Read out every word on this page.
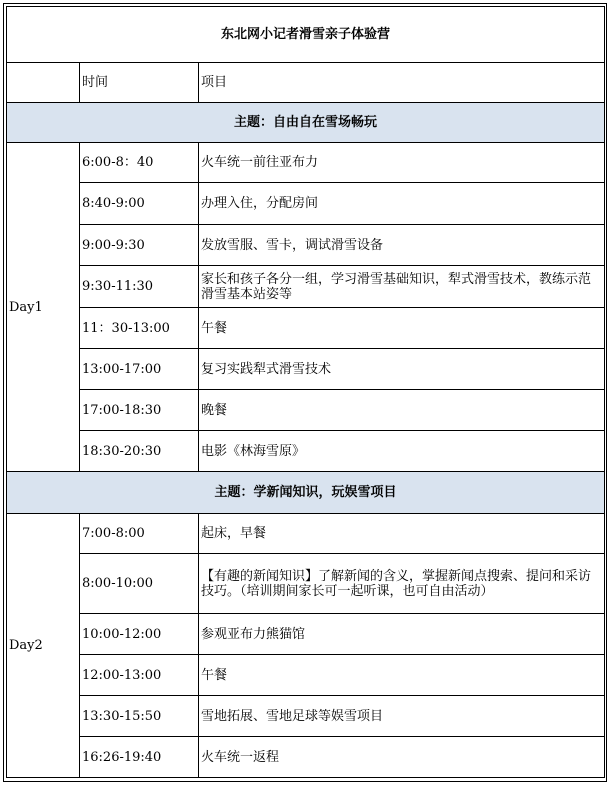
东北网小记者滑雪亲子体验营		
	时间	项目
主题：自由自在雪场畅玩		
Day1	6:00-8：40	火车统一前往亚布力
	8:40-9:00	办理入住，分配房间
	9:00-9:30	发放雪服、雪卡，调试滑雪设备
	9:30-11:30	家长和孩子各分一组，学习滑雪基础知识，犁式滑雪技术，教练示范滑雪基本站姿等
	11：30-13:00	午餐
	13:00-17:00	复习实践犁式滑雪技术
	17:00-18:30	晚餐
	18:30-20:30	电影《林海雪原》
主题：学新闻知识，玩娱雪项目		
Day2	7:00-8:00	起床，早餐
	8:00-10:00	【有趣的新闻知识】了解新闻的含义，掌握新闻点搜索、提问和采访技巧。（培训期间家长可一起听课，也可自由活动）
	10:00-12:00	参观亚布力熊猫馆
	12:00-13:00	午餐
	13:30-15:50	雪地拓展、雪地足球等娱雪项目
	16:26-19:40	火车统一返程
